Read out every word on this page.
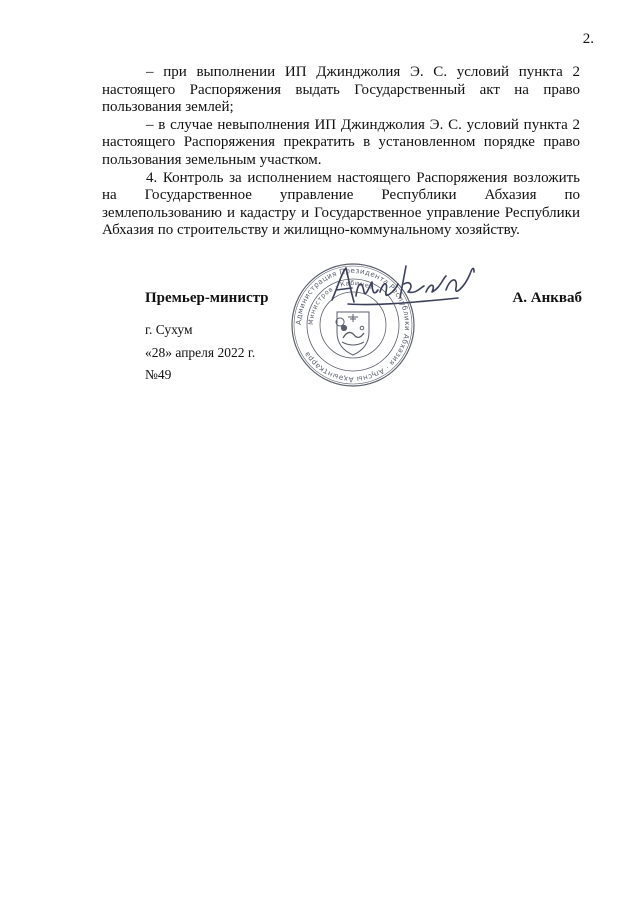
2.

– при выполнении ИП Джинджолия Э. С. условий пункта 2 настоящего Распоряжения выдать Государственный акт на право пользования землей;

– в случае невыполнения ИП Джинджолия Э. С. условий пункта 2 настоящего Распоряжения прекратить в установленном порядке право пользования земельным участком.

4. Контроль за исполнением настоящего Распоряжения возложить на Государственное управление Республики Абхазия по землепользованию и кадастру и Государственное управление Республики Абхазия по строительству и жилищно-коммунальному хозяйству.

Премьер-министр	А. Анкваб
г. Сухум
«28» апреля 2022 г.
№49
Администрация Президента Республики Абхазия · Аҧсны Аҳәынҭқарра
Министров · Кабинет ·
